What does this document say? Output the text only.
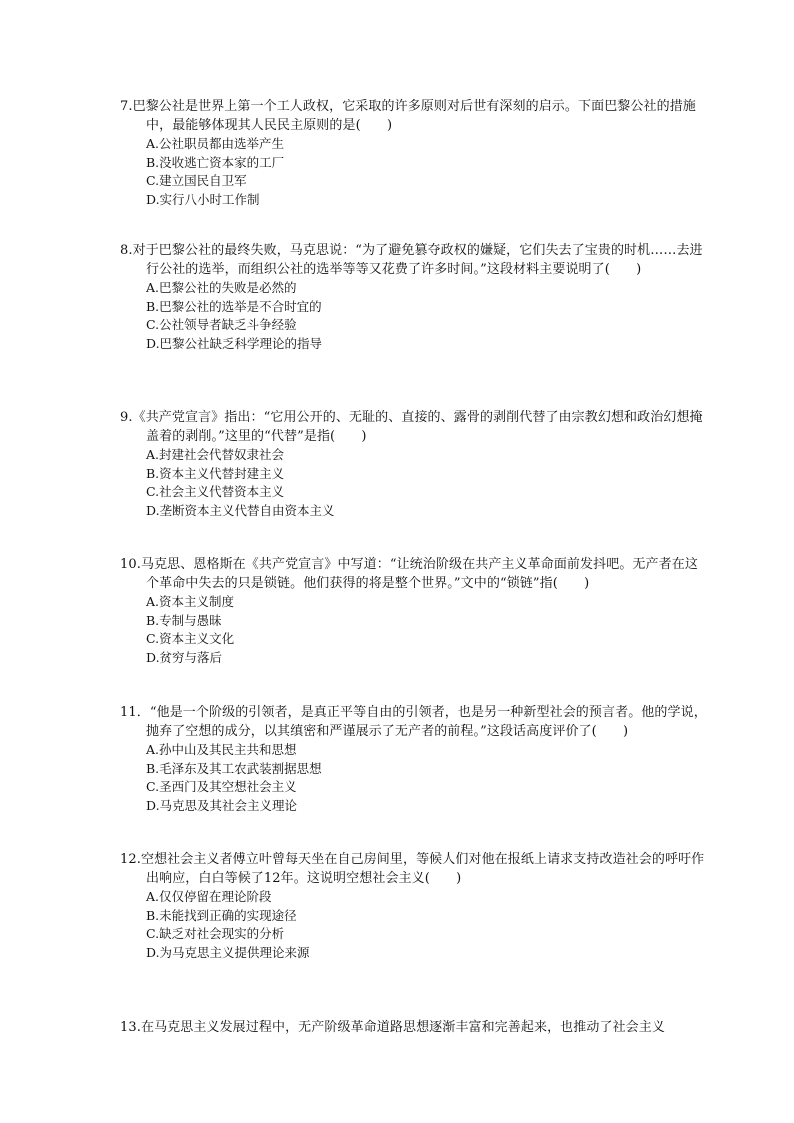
7.巴黎公社是世界上第一个工人政权，它采取的许多原则对后世有深刻的启示。下面巴黎公社的措施中，最能够体现其人民民主原则的是(　　)

A.公社职员都由选举产生
B.没收逃亡资本家的工厂
C.建立国民自卫军
D.实行八小时工作制

8.对于巴黎公社的最终失败，马克思说：“为了避免篡夺政权的嫌疑，它们失去了宝贵的时机……去进行公社的选举，而组织公社的选举等等又花费了许多时间。”这段材料主要说明了(　　)

A.巴黎公社的失败是必然的
B.巴黎公社的选举是不合时宜的
C.公社领导者缺乏斗争经验
D.巴黎公社缺乏科学理论的指导

9.《共产党宣言》指出：“它用公开的、无耻的、直接的、露骨的剥削代替了由宗教幻想和政治幻想掩盖着的剥削。”这里的“代替”是指(　　)

A.封建社会代替奴隶社会
B.资本主义代替封建主义
C.社会主义代替资本主义
D.垄断资本主义代替自由资本主义

10.马克思、恩格斯在《共产党宣言》中写道：“让统治阶级在共产主义革命面前发抖吧。无产者在这个革命中失去的只是锁链。他们获得的将是整个世界。”文中的“锁链”指(　　)

A.资本主义制度
B.专制与愚昧
C.资本主义文化
D.贫穷与落后

11．“他是一个阶级的引领者，是真正平等自由的引领者，也是另一种新型社会的预言者。他的学说，抛弃了空想的成分，以其缜密和严谨展示了无产者的前程。”这段话高度评价了(　　)

A.孙中山及其民主共和思想
B.毛泽东及其工农武装割据思想
C.圣西门及其空想社会主义
D.马克思及其社会主义理论

12.空想社会主义者傅立叶曾每天坐在自己房间里，等候人们对他在报纸上请求支持改造社会的呼吁作出响应，白白等候了12年。这说明空想社会主义(　　)

A.仅仅停留在理论阶段
B.未能找到正确的实现途径
C.缺乏对社会现实的分析
D.为马克思主义提供理论来源

13.在马克思主义发展过程中，无产阶级革命道路思想逐渐丰富和完善起来，也推动了社会主义
